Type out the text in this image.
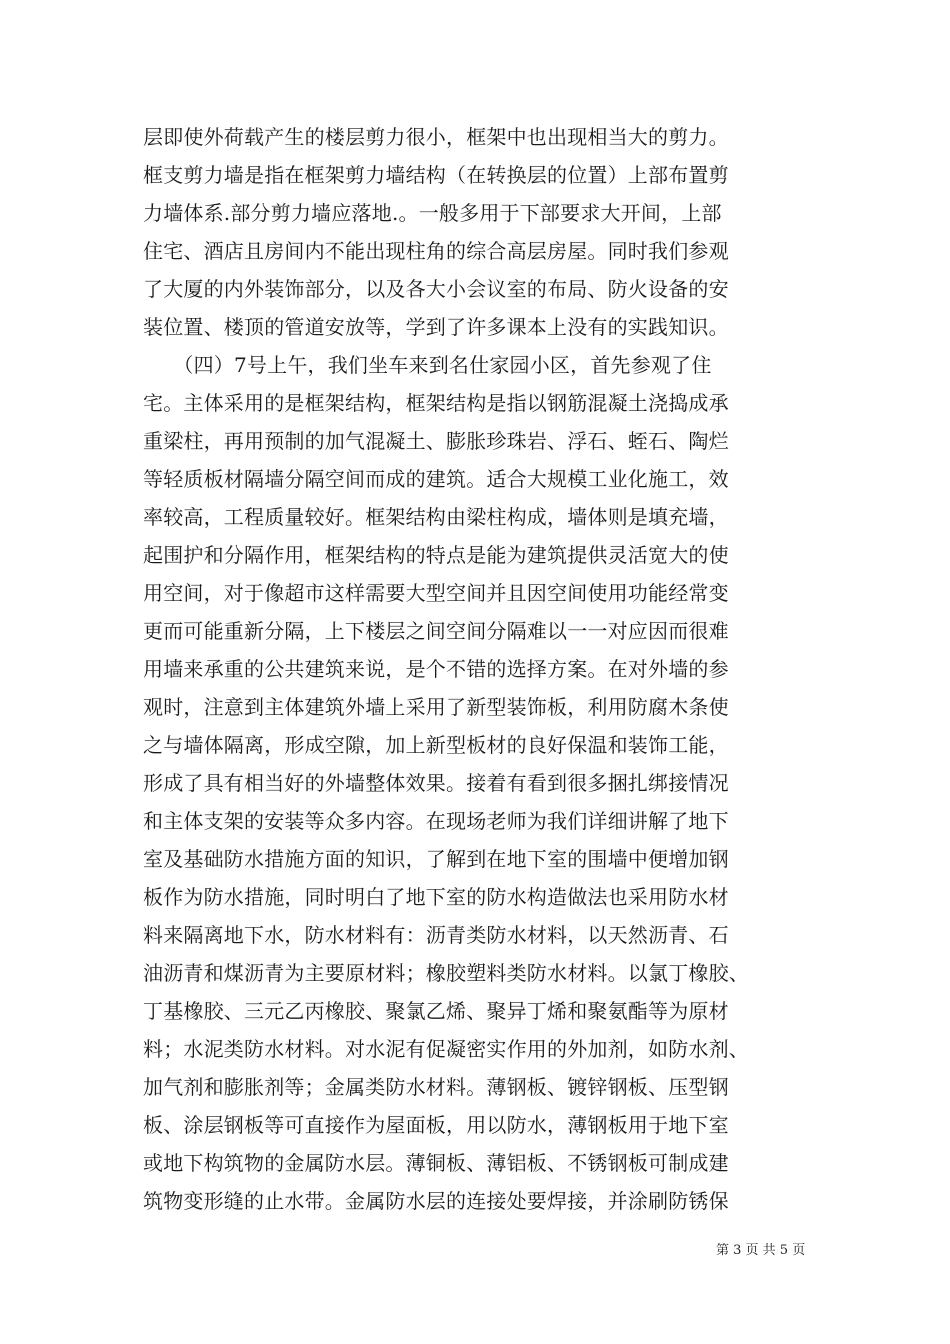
层即使外荷载产生的楼层剪力很小，框架中也出现相当大的剪力。
框支剪力墙是指在框架剪力墙结构（在转换层的位置）上部布置剪
力墙体系.部分剪力墙应落地.。一般多用于下部要求大开间，上部
住宅、酒店且房间内不能出现柱角的综合高层房屋。同时我们参观
了大厦的内外装饰部分，以及各大小会议室的布局、防火设备的安
装位置、楼顶的管道安放等，学到了许多课本上没有的实践知识。
　　（四）7号上午，我们坐车来到名仕家园小区，首先参观了住
宅。主体采用的是框架结构，框架结构是指以钢筋混凝土浇捣成承
重梁柱，再用预制的加气混凝土、膨胀珍珠岩、浮石、蛭石、陶烂
等轻质板材隔墙分隔空间而成的建筑。适合大规模工业化施工，效
率较高，工程质量较好。框架结构由梁柱构成，墙体则是填充墙，
起围护和分隔作用，框架结构的特点是能为建筑提供灵活宽大的使
用空间，对于像超市这样需要大型空间并且因空间使用功能经常变
更而可能重新分隔，上下楼层之间空间分隔难以一一对应因而很难
用墙来承重的公共建筑来说，是个不错的选择方案。在对外墙的参
观时，注意到主体建筑外墙上采用了新型装饰板，利用防腐木条使
之与墙体隔离，形成空隙，加上新型板材的良好保温和装饰工能，
形成了具有相当好的外墙整体效果。接着有看到很多捆扎绑接情况
和主体支架的安装等众多内容。在现场老师为我们详细讲解了地下
室及基础防水措施方面的知识，了解到在地下室的围墙中便增加钢
板作为防水措施，同时明白了地下室的防水构造做法也采用防水材
料来隔离地下水，防水材料有：沥青类防水材料，以天然沥青、石
油沥青和煤沥青为主要原材料；橡胶塑料类防水材料。以氯丁橡胶、
丁基橡胶、三元乙丙橡胶、聚氯乙烯、聚异丁烯和聚氨酯等为原材
料；水泥类防水材料。对水泥有促凝密实作用的外加剂，如防水剂、
加气剂和膨胀剂等；金属类防水材料。薄钢板、镀锌钢板、压型钢
板、涂层钢板等可直接作为屋面板，用以防水，薄钢板用于地下室
或地下构筑物的金属防水层。薄铜板、薄铝板、不锈钢板可制成建
筑物变形缝的止水带。金属防水层的连接处要焊接，并涂刷防锈保
第 3 页 共 5 页
